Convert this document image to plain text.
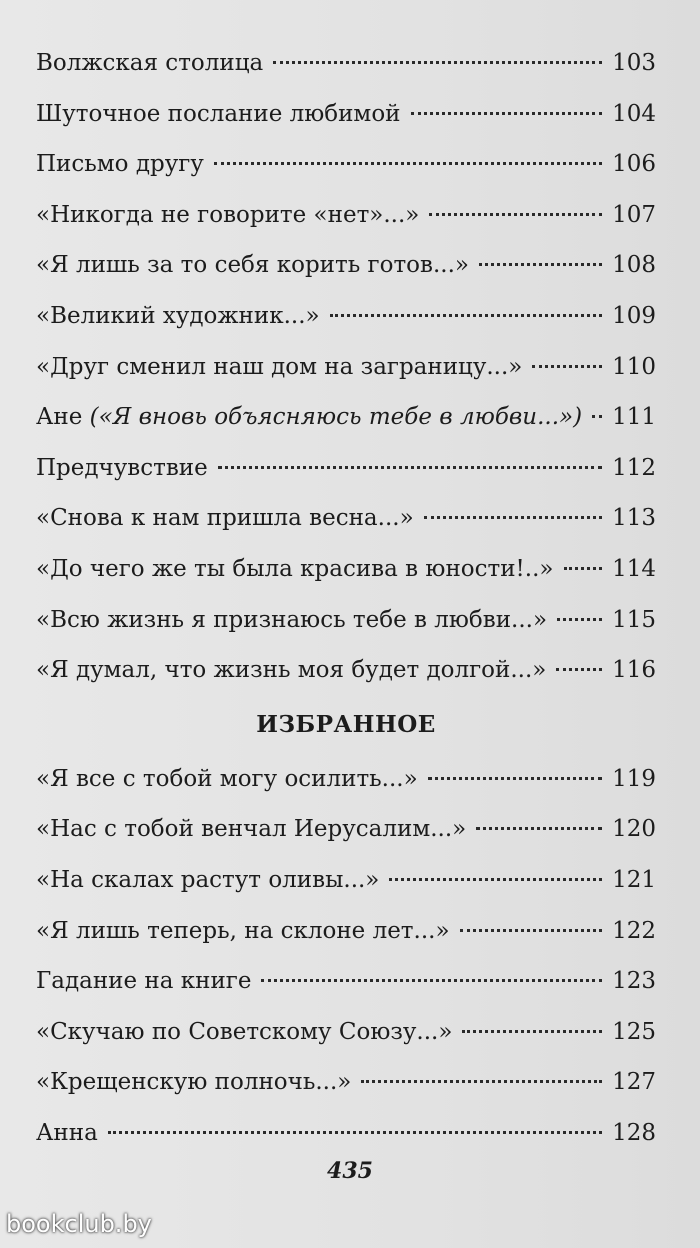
Волжская столица	103
Шуточное послание любимой	104
Письмо другу	106
«Никогда не говорите «нет»...»	107
«Я лишь за то себя корить готов...»	108
«Великий художник...»	109
«Друг сменил наш дом на заграницу...»	110
Ане («Я вновь объясняюсь тебе в любви...») 111
Предчувствие	112
«Снова к нам пришла весна...»	113
«До чего же ты была красива в юности!..»	114
«Всю жизнь я признаюсь тебе в любви...»	115
«Я думал, что жизнь моя будет долгой...»	116
ИЗБРАННОЕ
«Я все с тобой могу осилить...»	119
«Нас с тобой венчал Иерусалим...»	120
«На скалах растут оливы...»	121
«Я лишь теперь, на склоне лет...»	122
Гадание на книге	123
«Скучаю по Советскому Союзу...»	125
«Крещенскую полночь...»	127
Анна	128
435
bookclub.by
